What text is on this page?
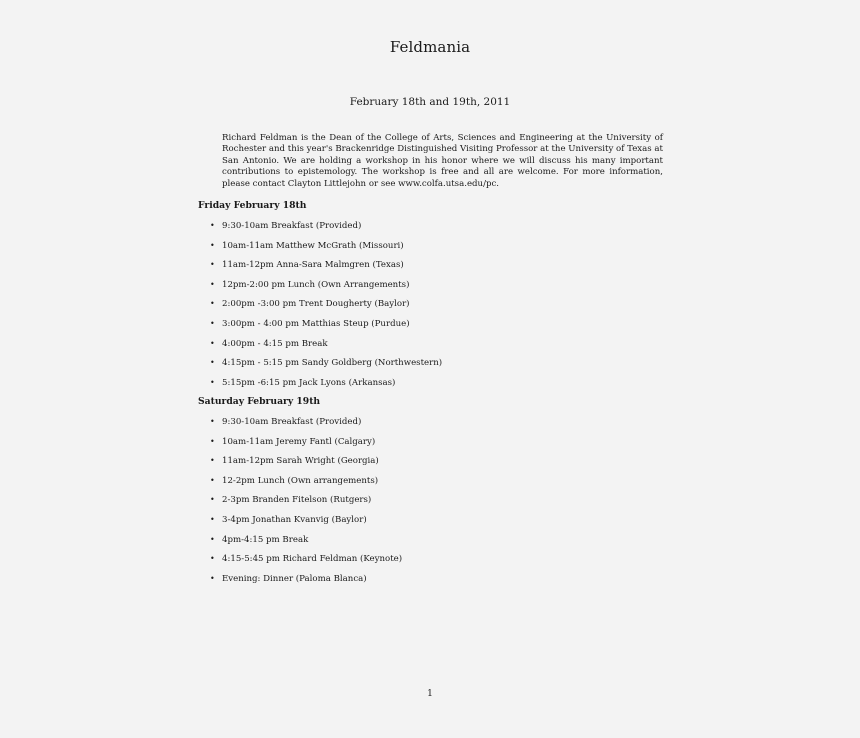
Feldmania
February 18th and 19th, 2011
Richard Feldman is the Dean of the College of Arts, Sciences and Engineering at the University of Rochester and this year's Brackenridge Distinguished Visiting Professor at the University of Texas at San Antonio. We are holding a workshop in his honor where we will discuss his many important contributions to epistemology. The workshop is free and all are welcome. For more information, please contact Clayton Littlejohn or see www.colfa.utsa.edu/pc.
Friday February 18th
• 9:30-10am Breakfast (Provided)
• 10am-11am Matthew McGrath (Missouri)
• 11am-12pm Anna-Sara Malmgren (Texas)
• 12pm-2:00 pm Lunch (Own Arrangements)
• 2:00pm -3:00 pm Trent Dougherty (Baylor)
• 3:00pm - 4:00 pm Matthias Steup (Purdue)
• 4:00pm - 4:15 pm Break
• 4:15pm - 5:15 pm Sandy Goldberg (Northwestern)
• 5:15pm -6:15 pm Jack Lyons (Arkansas)
Saturday February 19th
• 9:30-10am Breakfast (Provided)
• 10am-11am Jeremy Fantl (Calgary)
• 11am-12pm Sarah Wright (Georgia)
• 12-2pm Lunch (Own arrangements)
• 2-3pm Branden Fitelson (Rutgers)
• 3-4pm Jonathan Kvanvig (Baylor)
• 4pm-4:15 pm Break
• 4:15-5:45 pm Richard Feldman (Keynote)
• Evening: Dinner (Paloma Blanca)
1
